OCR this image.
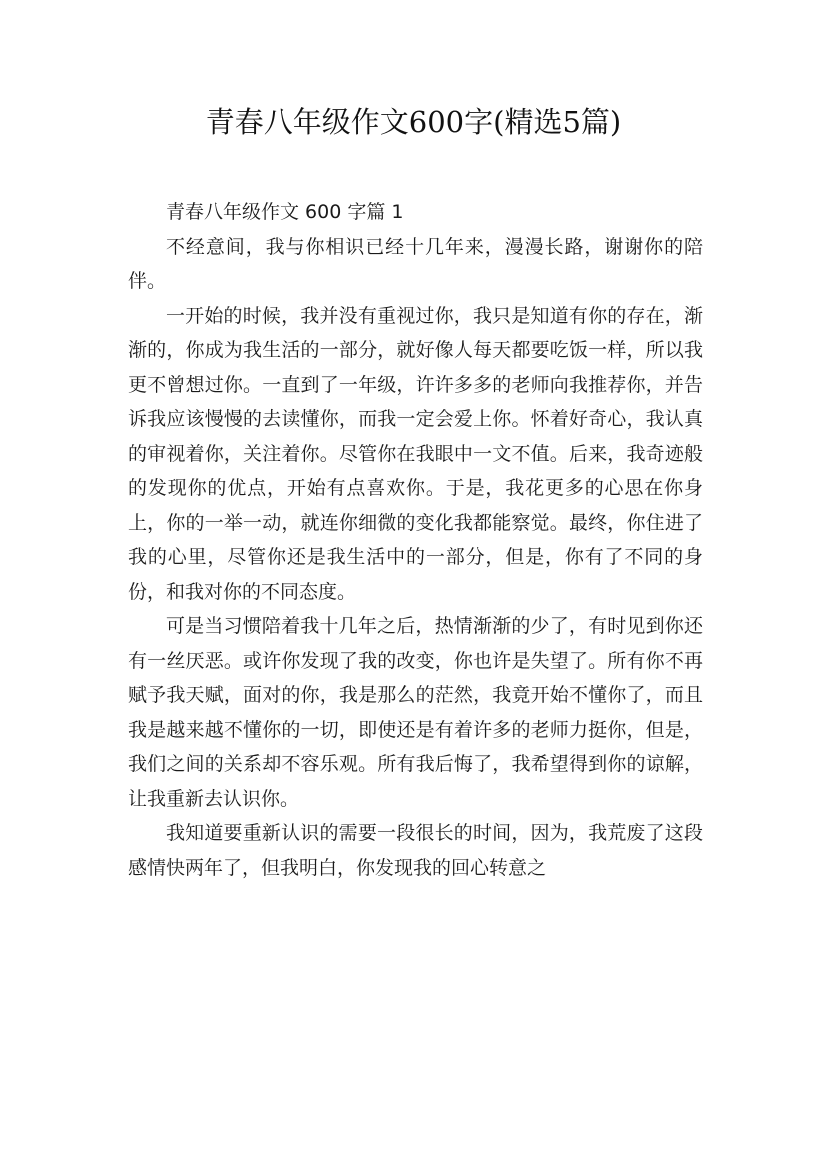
青春八年级作文600字(精选5篇)
青春八年级作文 600 字篇 1

不经意间，我与你相识已经十几年来，漫漫长路，谢谢你的陪伴。

一开始的时候，我并没有重视过你，我只是知道有你的存在，渐渐的，你成为我生活的一部分，就好像人每天都要吃饭一样，所以我更不曾想过你。一直到了一年级，许许多多的老师向我推荐你，并告诉我应该慢慢的去读懂你，而我一定会爱上你。怀着好奇心，我认真的审视着你，关注着你。尽管你在我眼中一文不值。后来，我奇迹般的发现你的优点，开始有点喜欢你。于是，我花更多的心思在你身上，你的一举一动，就连你细微的变化我都能察觉。最终，你住进了我的心里，尽管你还是我生活中的一部分，但是，你有了不同的身份，和我对你的不同态度。

可是当习惯陪着我十几年之后，热情渐渐的少了，有时见到你还有一丝厌恶。或许你发现了我的改变，你也许是失望了。所有你不再赋予我天赋，面对的你，我是那么的茫然，我竟开始不懂你了，而且我是越来越不懂你的一切，即使还是有着许多的老师力挺你，但是，我们之间的关系却不容乐观。所有我后悔了，我希望得到你的谅解，让我重新去认识你。

我知道要重新认识的需要一段很长的时间，因为，我荒废了这段感情快两年了，但我明白，你发现我的回心转意之
